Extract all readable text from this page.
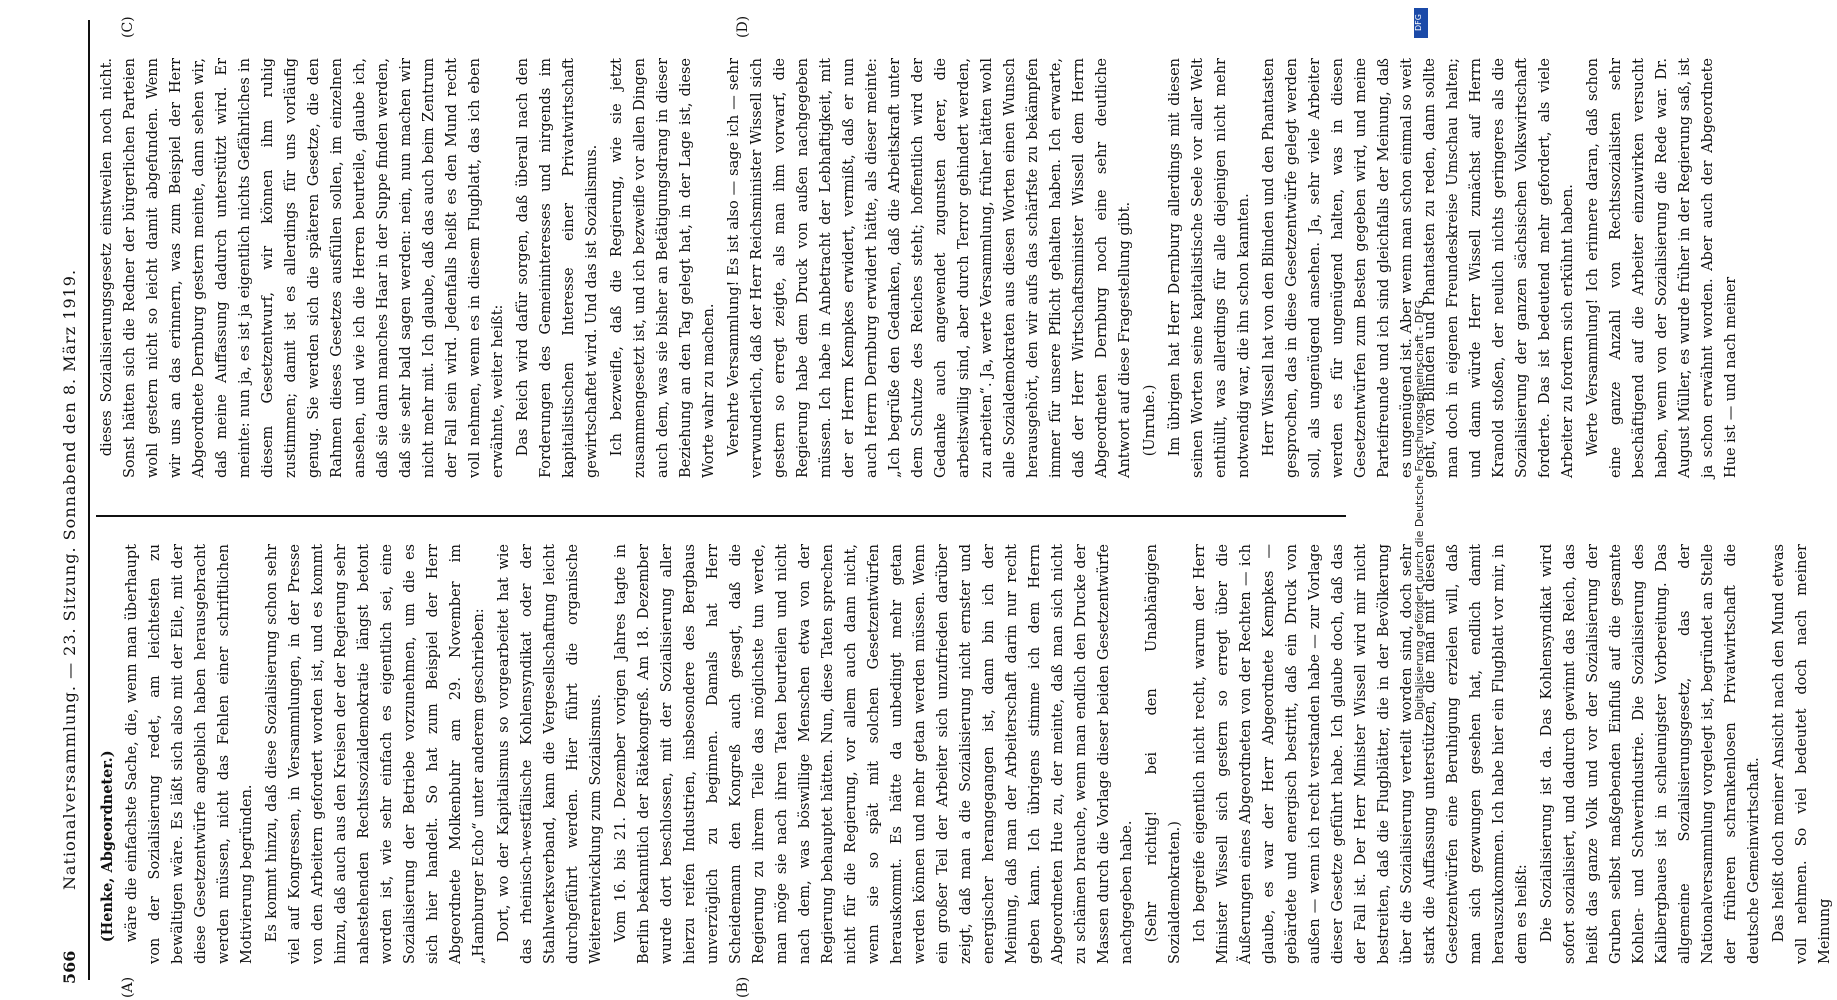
566
Nationalversammlung. — 23. Sitzung. Sonnabend den 8. März 1919.
(A)	(B)
(C)	(D)

(Henke, Abgeordneter.) wäre die einfachste Sache, die, wenn man überhaupt von der Sozialisierung redet, am leichtesten zu bewältigen wäre. Es läßt sich also mit der Eile, mit der diese Gesetzentwürfe angeblich haben herausgebracht werden müssen, nicht das Fehlen einer schriftlichen Motivierung begründen. Es kommt hinzu, daß diese Sozialisierung schon sehr viel auf Kongressen, in Versammlungen, in der Presse von den Arbeitern gefordert worden ist, und es kommt hinzu, daß auch aus den Kreisen der der Regierung sehr nahestehenden Rechtssozialdemokratie längst betont worden ist, wie sehr einfach es eigentlich sei, eine Sozialisierung der Betriebe vorzunehmen, um die es sich hier handelt. So hat zum Beispiel der Herr Abgeordnete Molkenbuhr am 29. November im „Hamburger Echo“ unter anderem geschrieben: Dort, wo der Kapitalismus so vorgearbeitet hat wie das rheinisch-westfälische Kohlensyndikat oder der Stahlwerksverband, kann die Vergesellschaftung leicht durchgeführt werden. Hier führt die organische Weiterentwicklung zum Sozialismus. Vom 16. bis 21. Dezember vorigen Jahres tagte in Berlin bekanntlich der Rätekongreß. Am 18. Dezember wurde dort beschlossen, mit der Sozialisierung aller hierzu reifen Industrien, insbesondere des Bergbaus unverzüglich zu beginnen. Damals hat Herr Scheidemann den Kongreß auch gesagt, daß die Regierung zu ihrem Teile das möglichste tun werde, man möge sie nach ihren Taten beurteilen und nicht nach dem, was böswillige Menschen etwa von der Regierung behauptet hätten. Nun, diese Taten sprechen nicht für die Regierung, vor allem auch dann nicht, wenn sie so spät mit solchen Gesetzentwürfen herauskommt. Es hätte da unbedingt mehr getan werden können und mehr getan werden müssen. Wenn ein großer Teil der Arbeiter sich unzufrieden darüber zeigt, daß man a die Sozialisierung nicht ernster und energischer herangegangen ist, dann bin ich der Meinung, daß man der Arbeiterschaft darin nur recht geben kann. Ich übrigens stimme ich dem Herrn Abgeordneten Hue zu, der meinte, daß man sich nicht zu schämen brauche, wenn man endlich den Drucke der Massen durch die Vorlage dieser beiden Gesetzentwürfe nachgegeben habe. (Sehr richtig! bei den Unabhängigen Sozialdemokraten.) Ich begreife eigentlich nicht recht, warum der Herr Minister Wissell sich gestern so erregt über die Äußerungen eines Abgeordneten von der Rechten — ich glaube, es war der Herr Abgeordnete Kempkes — gebärdete und energisch bestritt, daß ein Druck von außen — wenn ich recht verstanden habe — zur Vorlage dieser Gesetze geführt habe. Ich glaube doch, daß das der Fall ist. Der Herr Minister Wissell wird mir nicht bestreiten, daß die Flugblätter, die in der Bevölkerung über die Sozialisierung verteilt worden sind, doch sehr stark die Auffassung unterstützen, die man mit diesen Gesetzentwürfen eine Beruhigung erzielen will, daß man sich gezwungen gesehen hat, endlich damit herauszukommen. Ich habe hier ein Flugblatt vor mir, in dem es heißt: Die Sozialisierung ist da. Das Kohlensyndikat wird sofort sozialisiert, und dadurch gewinnt das Reich, das heißt das ganze Volk und vor der Sozialisierung der Gruben selbst maßgebenden Einfluß auf die gesamte Kohlen- und Schwerindustrie. Die Sozialisierung des Kalibergbaues ist in schleunigster Vorbereitung. Das allgemeine Sozialisierungsgesetz, das der Nationalversammlung vorgelegt ist, begründet an Stelle der früheren schrankenlosen Privatwirtschaft die deutsche Gemeinwirtschaft. Das heißt doch meiner Ansicht nach den Mund etwas voll nehmen. So viel bedeutet doch nach meiner Meinung

dieses Sozialisierungsgesetz einstweilen noch nicht. Sonst hätten sich die Redner der bürgerlichen Parteien wohl gestern nicht so leicht damit abgefunden. Wenn wir uns an das erinnern, was zum Beispiel der Herr Abgeordnete Dernburg gestern meinte, dann sehen wir, daß meine Auffassung dadurch unterstützt wird. Er meinte: nun ja, es ist ja eigentlich nichts Gefährliches in diesem Gesetzentwurf, wir können ihm ruhig zustimmen; damit ist es allerdings für uns vorläufig genug. Sie werden sich die späteren Gesetze, die den Rahmen dieses Gesetzes ausfüllen sollen, im einzelnen ansehen, und wie ich die Herren beurteile, glaube ich, daß sie dann manches Haar in der Suppe finden werden, daß sie sehr bald sagen werden: nein, nun machen wir nicht mehr mit. Ich glaube, daß das auch beim Zentrum der Fall sein wird. Jedenfalls heißt es den Mund recht voll nehmen, wenn es in diesem Flugblatt, das ich eben erwähnte, weiter heißt: Das Reich wird dafür sorgen, daß überall nach den Forderungen des Gemeininteresses und nirgends im kapitalistischen Interesse einer Privatwirtschaft gewirtschaftet wird. Und das ist Sozialismus. Ich bezweifle, daß die Regierung, wie sie jetzt zusammengesetzt ist, und ich bezweifle vor allen Dingen auch dem, was sie bisher an Betätigungsdrang in dieser Beziehung an den Tag gelegt hat, in der Lage ist, diese Worte wahr zu machen. Verehrte Versammlung! Es ist also — sage ich — sehr verwunderlich, daß der Herr Reichsminister Wissell sich gestern so erregt zeigte, als man ihm vorwarf, die Regierung habe dem Druck von außen nachgegeben müssen. Ich habe in Anbetracht der Lebhaftigkeit, mit der er Herrn Kempkes erwidert, vermißt, daß er nun auch Herrn Dernburg erwidert hätte, als dieser meinte: „Ich begrüße den Gedanken, daß die Arbeitskraft unter dem Schutze des Reiches steht; hoffentlich wird der Gedanke auch angewendet zugunsten derer, die arbeitswillig sind, aber durch Terror gehindert werden, zu arbeiten“. Ja, werte Versammlung, früher hätten wohl alle Sozialdemokraten aus diesen Worten einen Wunsch herausgehört, den wir aufs das schärfste zu bekämpfen immer für unsere Pflicht gehalten haben. Ich erwarte, daß der Herr Wirtschaftsminister Wissell dem Herrn Abgeordneten Dernburg noch eine sehr deutliche Antwort auf diese Fragestellung gibt. (Unruhe.) Im übrigen hat Herr Dernburg allerdings mit diesen seinen Worten seine kapitalistische Seele vor aller Welt enthüllt, was allerdings für alle diejenigen nicht mehr notwendig war, die ihn schon kannten. Herr Wissell hat von den Blinden und den Phantasten gesprochen, das in diese Gesetzentwürfe gelegt werden soll, als ungenügend ansehen. Ja, sehr viele Arbeiter werden es für ungenügend halten, was in diesen Gesetzentwürfen zum Besten gegeben wird, und meine Parteifreunde und ich sind gleichfalls der Meinung, daß es ungenügend ist. Aber wenn man schon einmal so weit geht, von Blinden und Phantasten zu reden, dann sollte man doch in eigenen Freundeskreise Umschau halten; und dann würde Herr Wissell zunächst auf Herrn Kranold stoßen, der neulich nichts geringeres als die Sozialisierung der ganzen sächsischen Volkswirtschaft forderte. Das ist bedeutend mehr gefordert, als viele Arbeiter zu fordern sich erkühnt haben. Werte Versammlung! Ich erinnere daran, daß schon eine ganze Anzahl von Rechtssozialisten sehr beschäftigend auf die Arbeiter einzuwirken versucht haben, wenn von der Sozialisierung die Rede war. Dr. August Müller, es wurde früher in der Regierung saß, ist ja schon erwähnt worden. Aber auch der Abgeordnete Hue ist — und nach meiner

Digitalisierung gefördert durch die Deutsche Forschungsgemeinschaft - DFG
DFG
